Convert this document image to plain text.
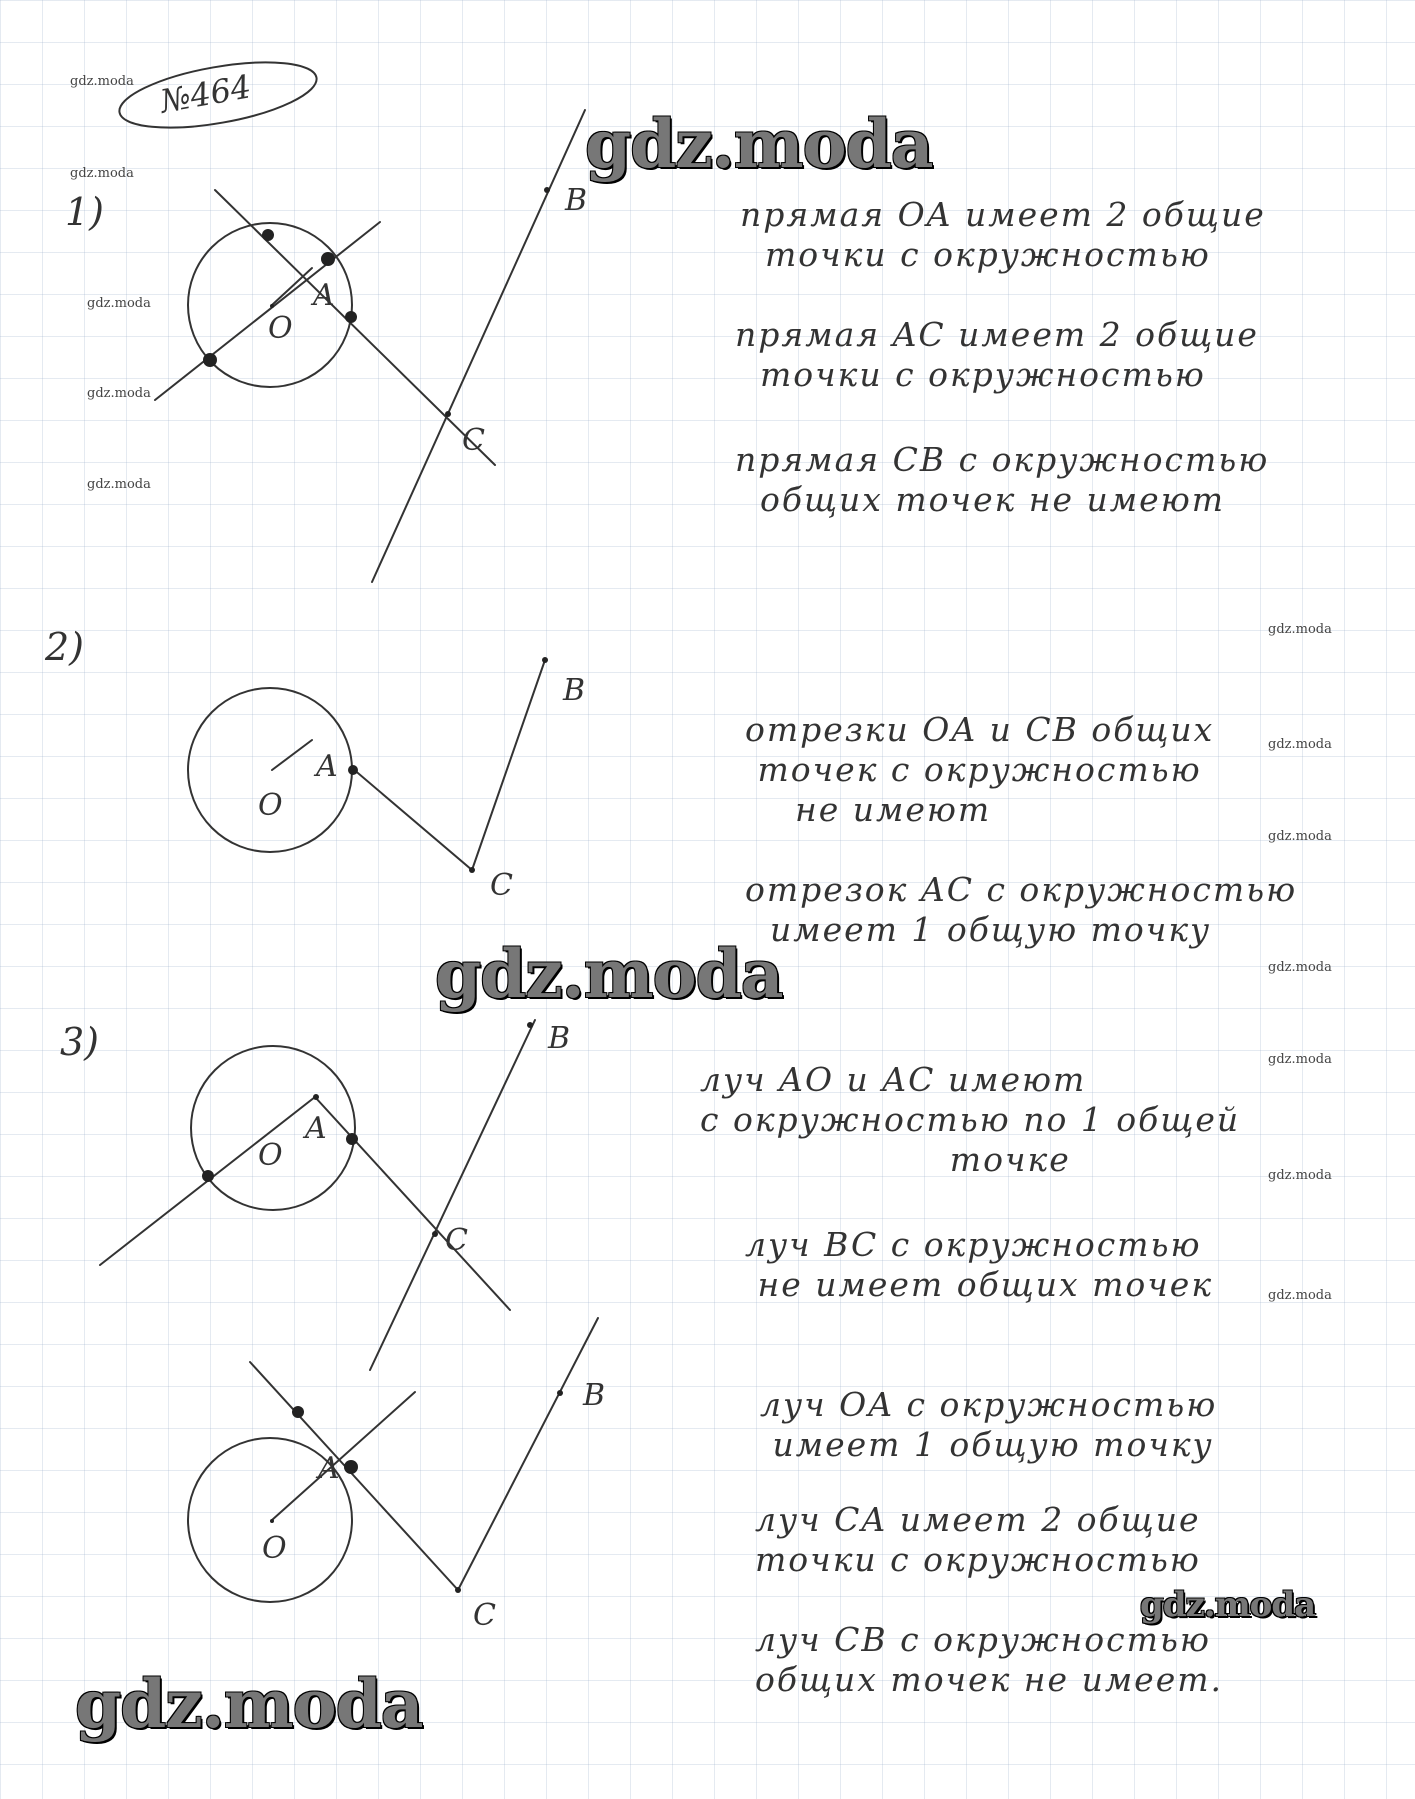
O
A
B
C
O
A
B
C
O
A
B
C
O
A
B
C
№464
1)
2)
3)
прямая OA имеет 2 общие
точки с окружностью
прямая AC имеет 2 общие
точки с окружностью
прямая CB с окружностью
общих точек не имеют
отрезки OA и CB общих
точек с окружностью
не имеют
отрезок AC с окружностью
имеет 1 общую точку
луч AO и AC имеют
с окружностью по 1 общей
точке
луч BC с окружностью
не имеет общих точек
луч OA с окружностью
имеет 1 общую точку
луч CA имеет 2 общие
точки с окружностью
луч CB с окружностью
общих точек не имеет.
gdz.moda
gdz.moda
gdz.moda
gdz.moda
gdz.moda
gdz.moda
gdz.moda
gdz.moda
gdz.moda
gdz.moda
gdz.moda
gdz.moda
gdz.moda
gdz.moda
gdz.moda
gdz.moda
